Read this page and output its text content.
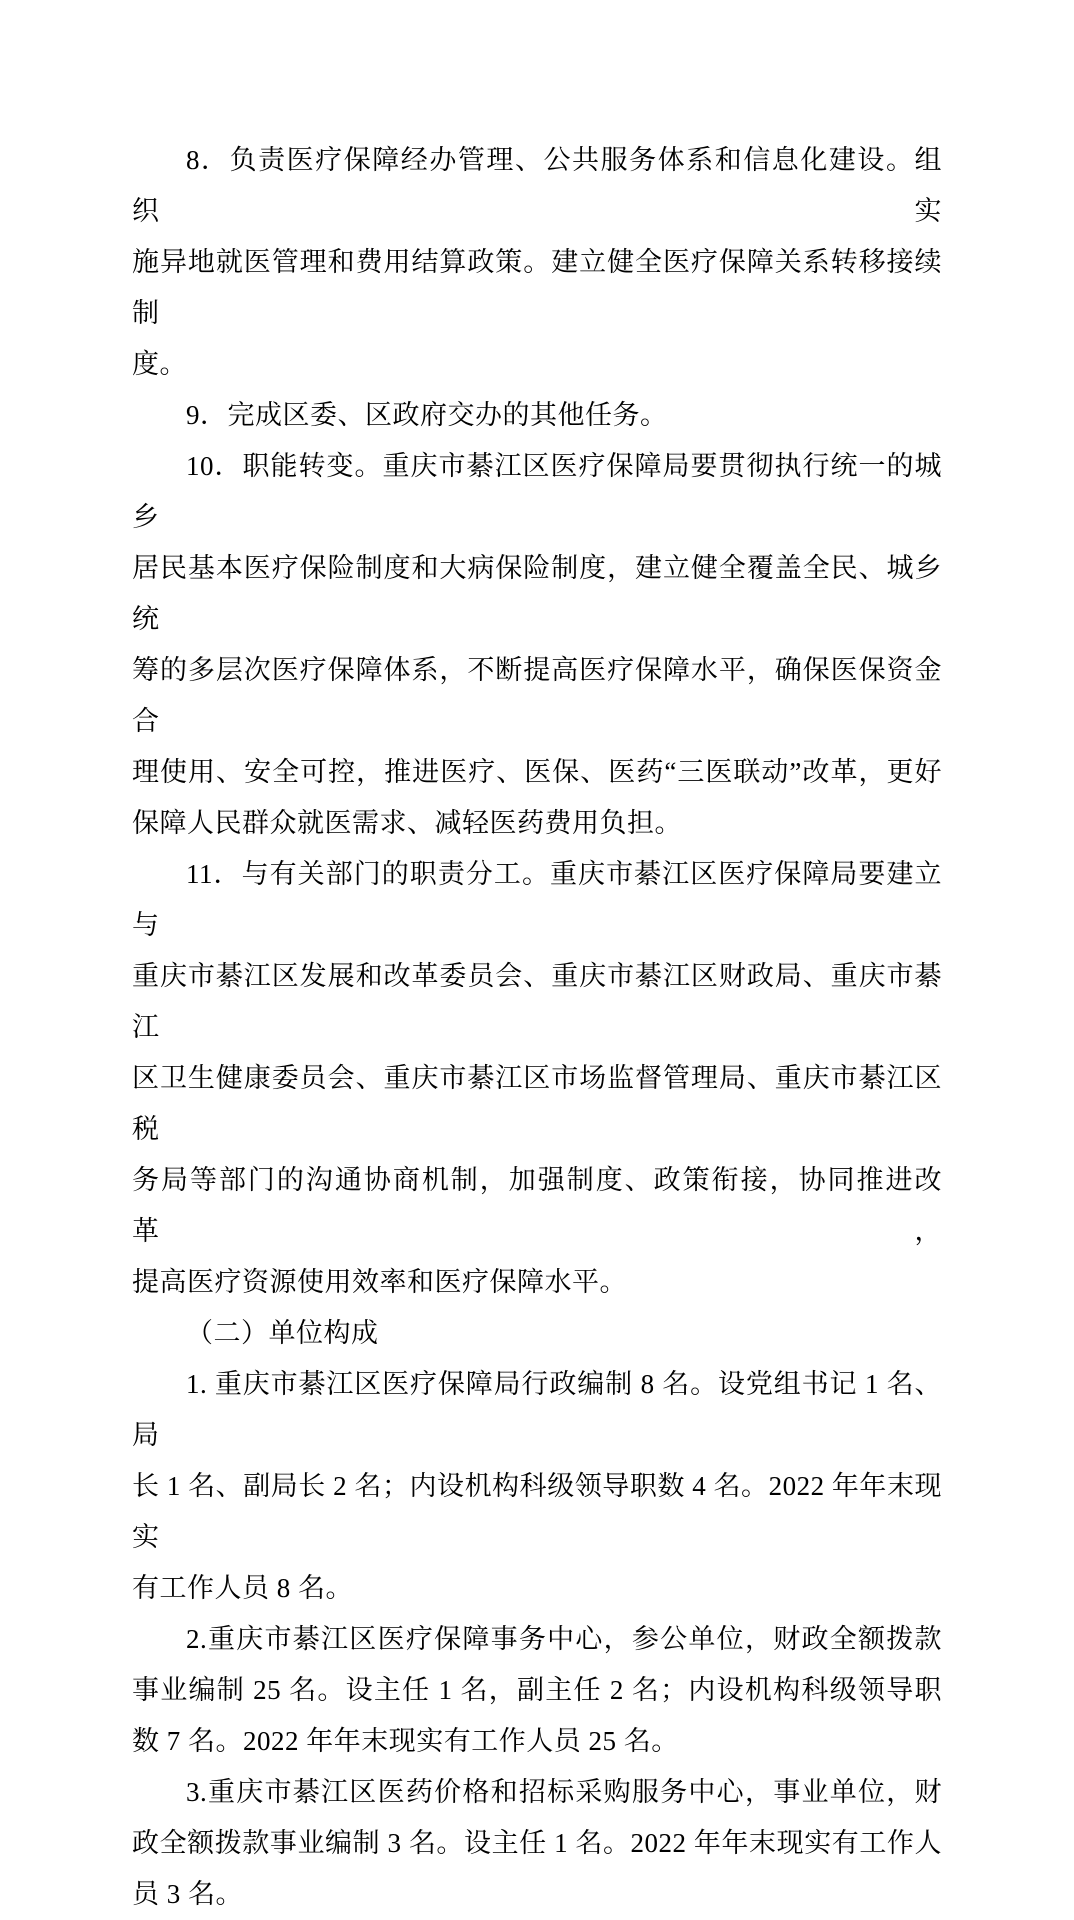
8．负责医疗保障经办管理、公共服务体系和信息化建设。组织实
施异地就医管理和费用结算政策。建立健全医疗保障关系转移接续制
度。

9．完成区委、区政府交办的其他任务。

10．职能转变。重庆市綦江区医疗保障局要贯彻执行统一的城乡
居民基本医疗保险制度和大病保险制度，建立健全覆盖全民、城乡统
筹的多层次医疗保障体系，不断提高医疗保障水平，确保医保资金合
理使用、安全可控，推进医疗、医保、医药“三医联动”改革，更好
保障人民群众就医需求、减轻医药费用负担。

11．与有关部门的职责分工。重庆市綦江区医疗保障局要建立与
重庆市綦江区发展和改革委员会、重庆市綦江区财政局、重庆市綦江
区卫生健康委员会、重庆市綦江区市场监督管理局、重庆市綦江区税
务局等部门的沟通协商机制，加强制度、政策衔接，协同推进改革，
提高医疗资源使用效率和医疗保障水平。

（二）单位构成

1. 重庆市綦江区医疗保障局行政编制 8 名。设党组书记 1 名、局
长 1 名、副局长 2 名；内设机构科级领导职数 4 名。2022 年年末现实
有工作人员 8 名。

2.重庆市綦江区医疗保障事务中心，参公单位，财政全额拨款
事业编制 25 名。设主任 1 名，副主任 2 名；内设机构科级领导职
数 7 名。2022 年年末现实有工作人员 25 名。

3.重庆市綦江区医药价格和招标采购服务中心，事业单位，财
政全额拨款事业编制 3 名。设主任 1 名。2022 年年末现实有工作人
员 3 名。
